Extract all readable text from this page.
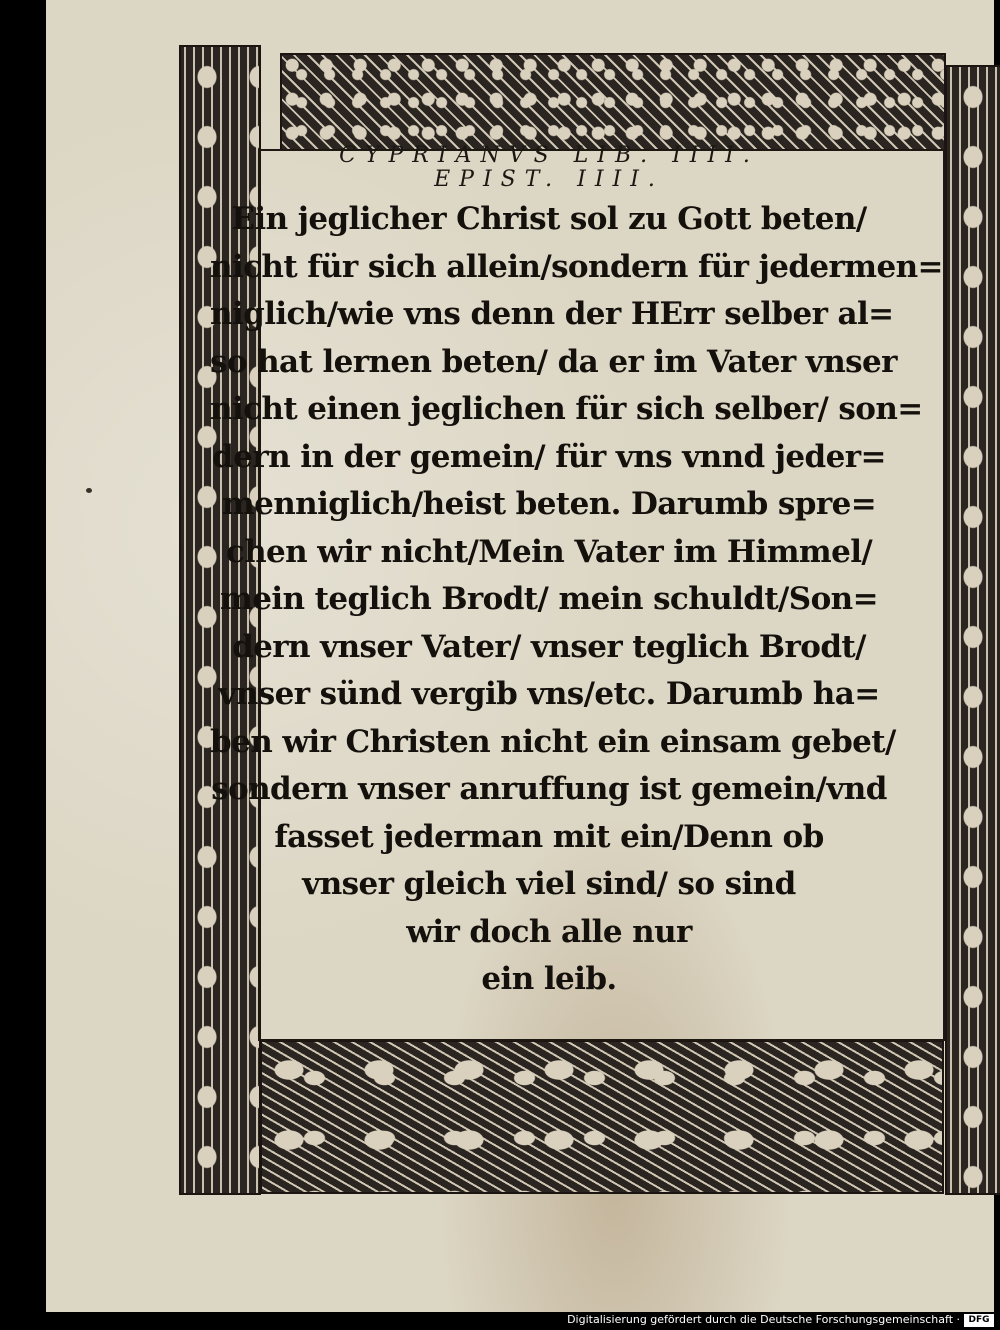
CYPRIANVS LIB. IIII.
EPIST. IIII.
Ein jeglicher Christ sol zu Gott beten/
nicht für sich allein/sondern für jedermen=
niglich/wie vns denn der HErr selber al=
so hat lernen beten/ da er im Vater vnser
nicht einen jeglichen für sich selber/ son=
dern in der gemein/ für vns vnnd jeder=
menniglich/heist beten. Darumb spre=
chen wir nicht/Mein Vater im Himmel/
mein teglich Brodt/ mein schuldt/Son=
dern vnser Vater/ vnser teglich Brodt/
vnser sünd vergib vns/etc. Darumb ha=
ben wir Christen nicht ein einsam gebet/
sondern vnser anruffung ist gemein/vnd
fasset jederman mit ein/Denn ob
vnser gleich viel sind/ so sind
wir doch alle nur
ein leib.
Digitalisierung gefördert durch die Deutsche Forschungsgemeinschaft · DFG
